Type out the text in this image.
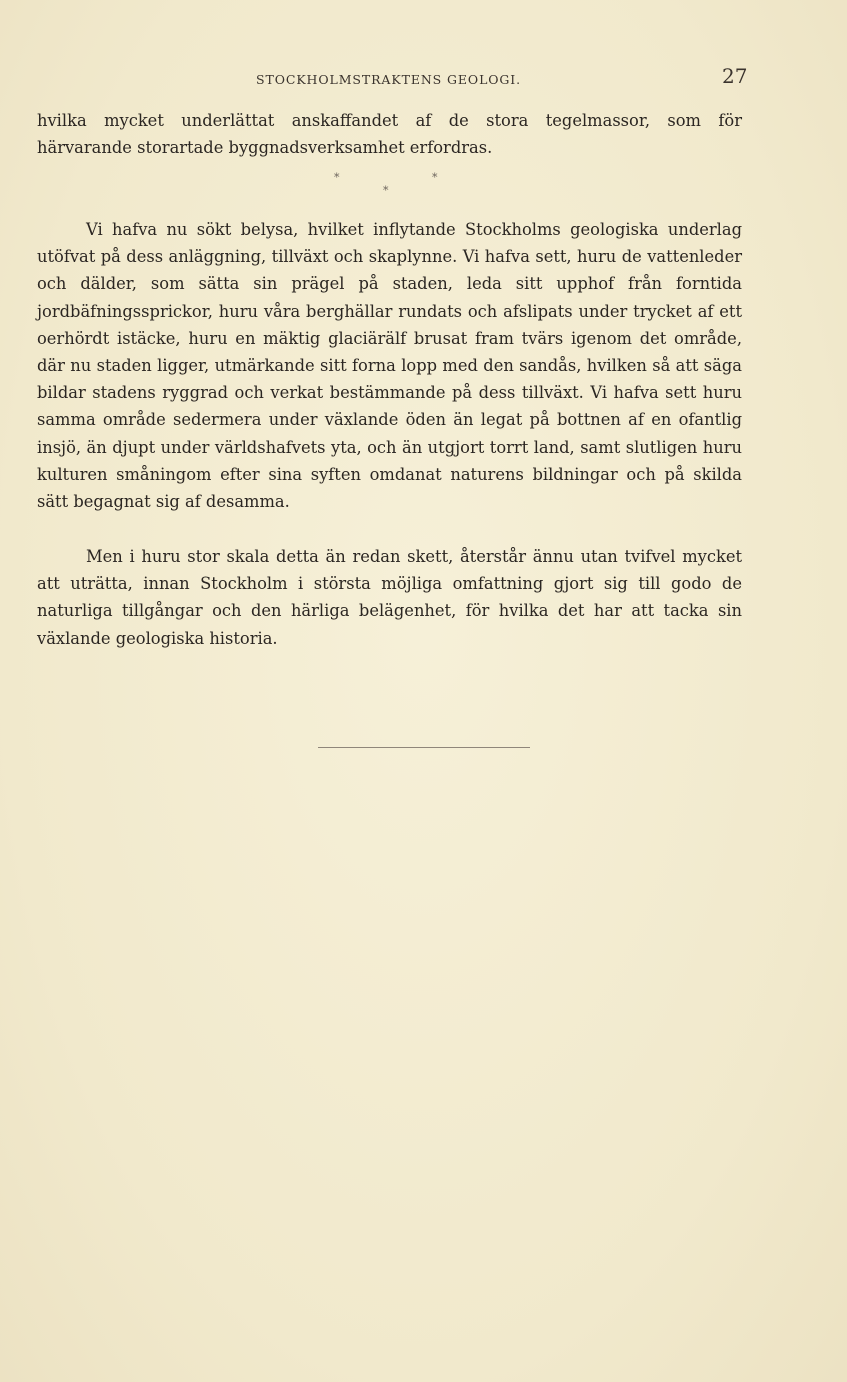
STOCKHOLMSTRAKTENS GEOLOGI.	27
hvilka mycket underlättat anskaffandet af de stora tegelmassor, som för
härvarande storartade byggnadsverksamhet erfordras.
*	*
*
Vi hafva nu sökt belysa, hvilket inflytande Stockholms geologiska underlag utöfvat på dess anläggning, tillväxt och skaplynne. Vi hafva sett, huru de vattenleder och dälder, som sätta sin prägel på staden, leda sitt upphof från forntida jordbäfningssprickor, huru våra berghällar rundats och afslipats under trycket af ett oerhördt istäcke, huru en mäktig glaciärälf brusat fram tvärs igenom det område, där nu staden ligger, utmärkande sitt forna lopp med den sandås, hvilken så att säga bildar stadens ryggrad och verkat bestämmande på dess tillväxt. Vi hafva sett huru samma område sedermera under växlande öden än legat på bottnen af en ofantlig insjö, än djupt under världshafvets yta, och än utgjort torrt land, samt slutligen huru kulturen småningom efter sina syften omdanat naturens bildningar och på skilda sätt begagnat sig af desamma.
Men i huru stor skala detta än redan skett, återstår ännu utan tvifvel mycket att uträtta, innan Stockholm i största möjliga omfattning gjort sig till godo de naturliga tillgångar och den härliga belägenhet, för hvilka det har att tacka sin växlande geologiska historia.
